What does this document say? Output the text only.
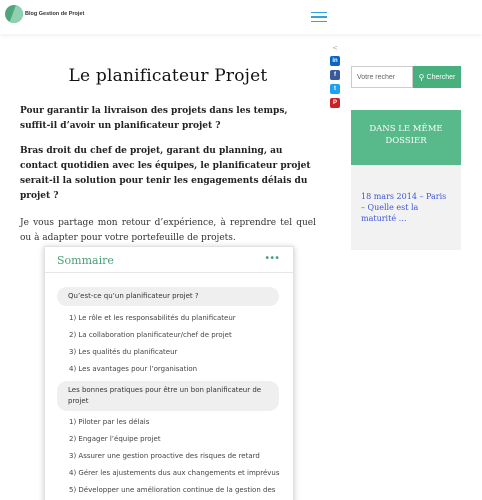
Blog Gestion de Projet
Le planificateur Projet

Pour garantir la livraison des projets dans les temps, suffit-il d’avoir un planificateur projet ?

Bras droit du chef de projet, garant du planning, au contact quotidien avec les équipes, le planificateur projet serait-il la solution pour tenir les engagements délais du projet ?

Je vous partage mon retour d’expérience, à reprendre tel quel ou à adapter pour votre portefeuille de projets.

<
in
f
t
P
Sommaire	•••
Qu’est-ce qu’un planificateur projet ?
1) Le rôle et les responsabilités du planificateur
2) La collaboration planificateur/chef de projet
3) Les qualités du planificateur
4) Les avantages pour l’organisation
Les bonnes pratiques pour être un bon planificateur de projet
1) Piloter par les délais
2) Engager l’équipe projet
3) Assurer une gestion proactive des risques de retard
4) Gérer les ajustements dus aux changements et imprévus
5) Développer une amélioration continue de la gestion des
Votre recher
⚲ Chercher
DANS LE MÊME DOSSIER
18 mars 2014 – Paris – Quelle est la maturité …
